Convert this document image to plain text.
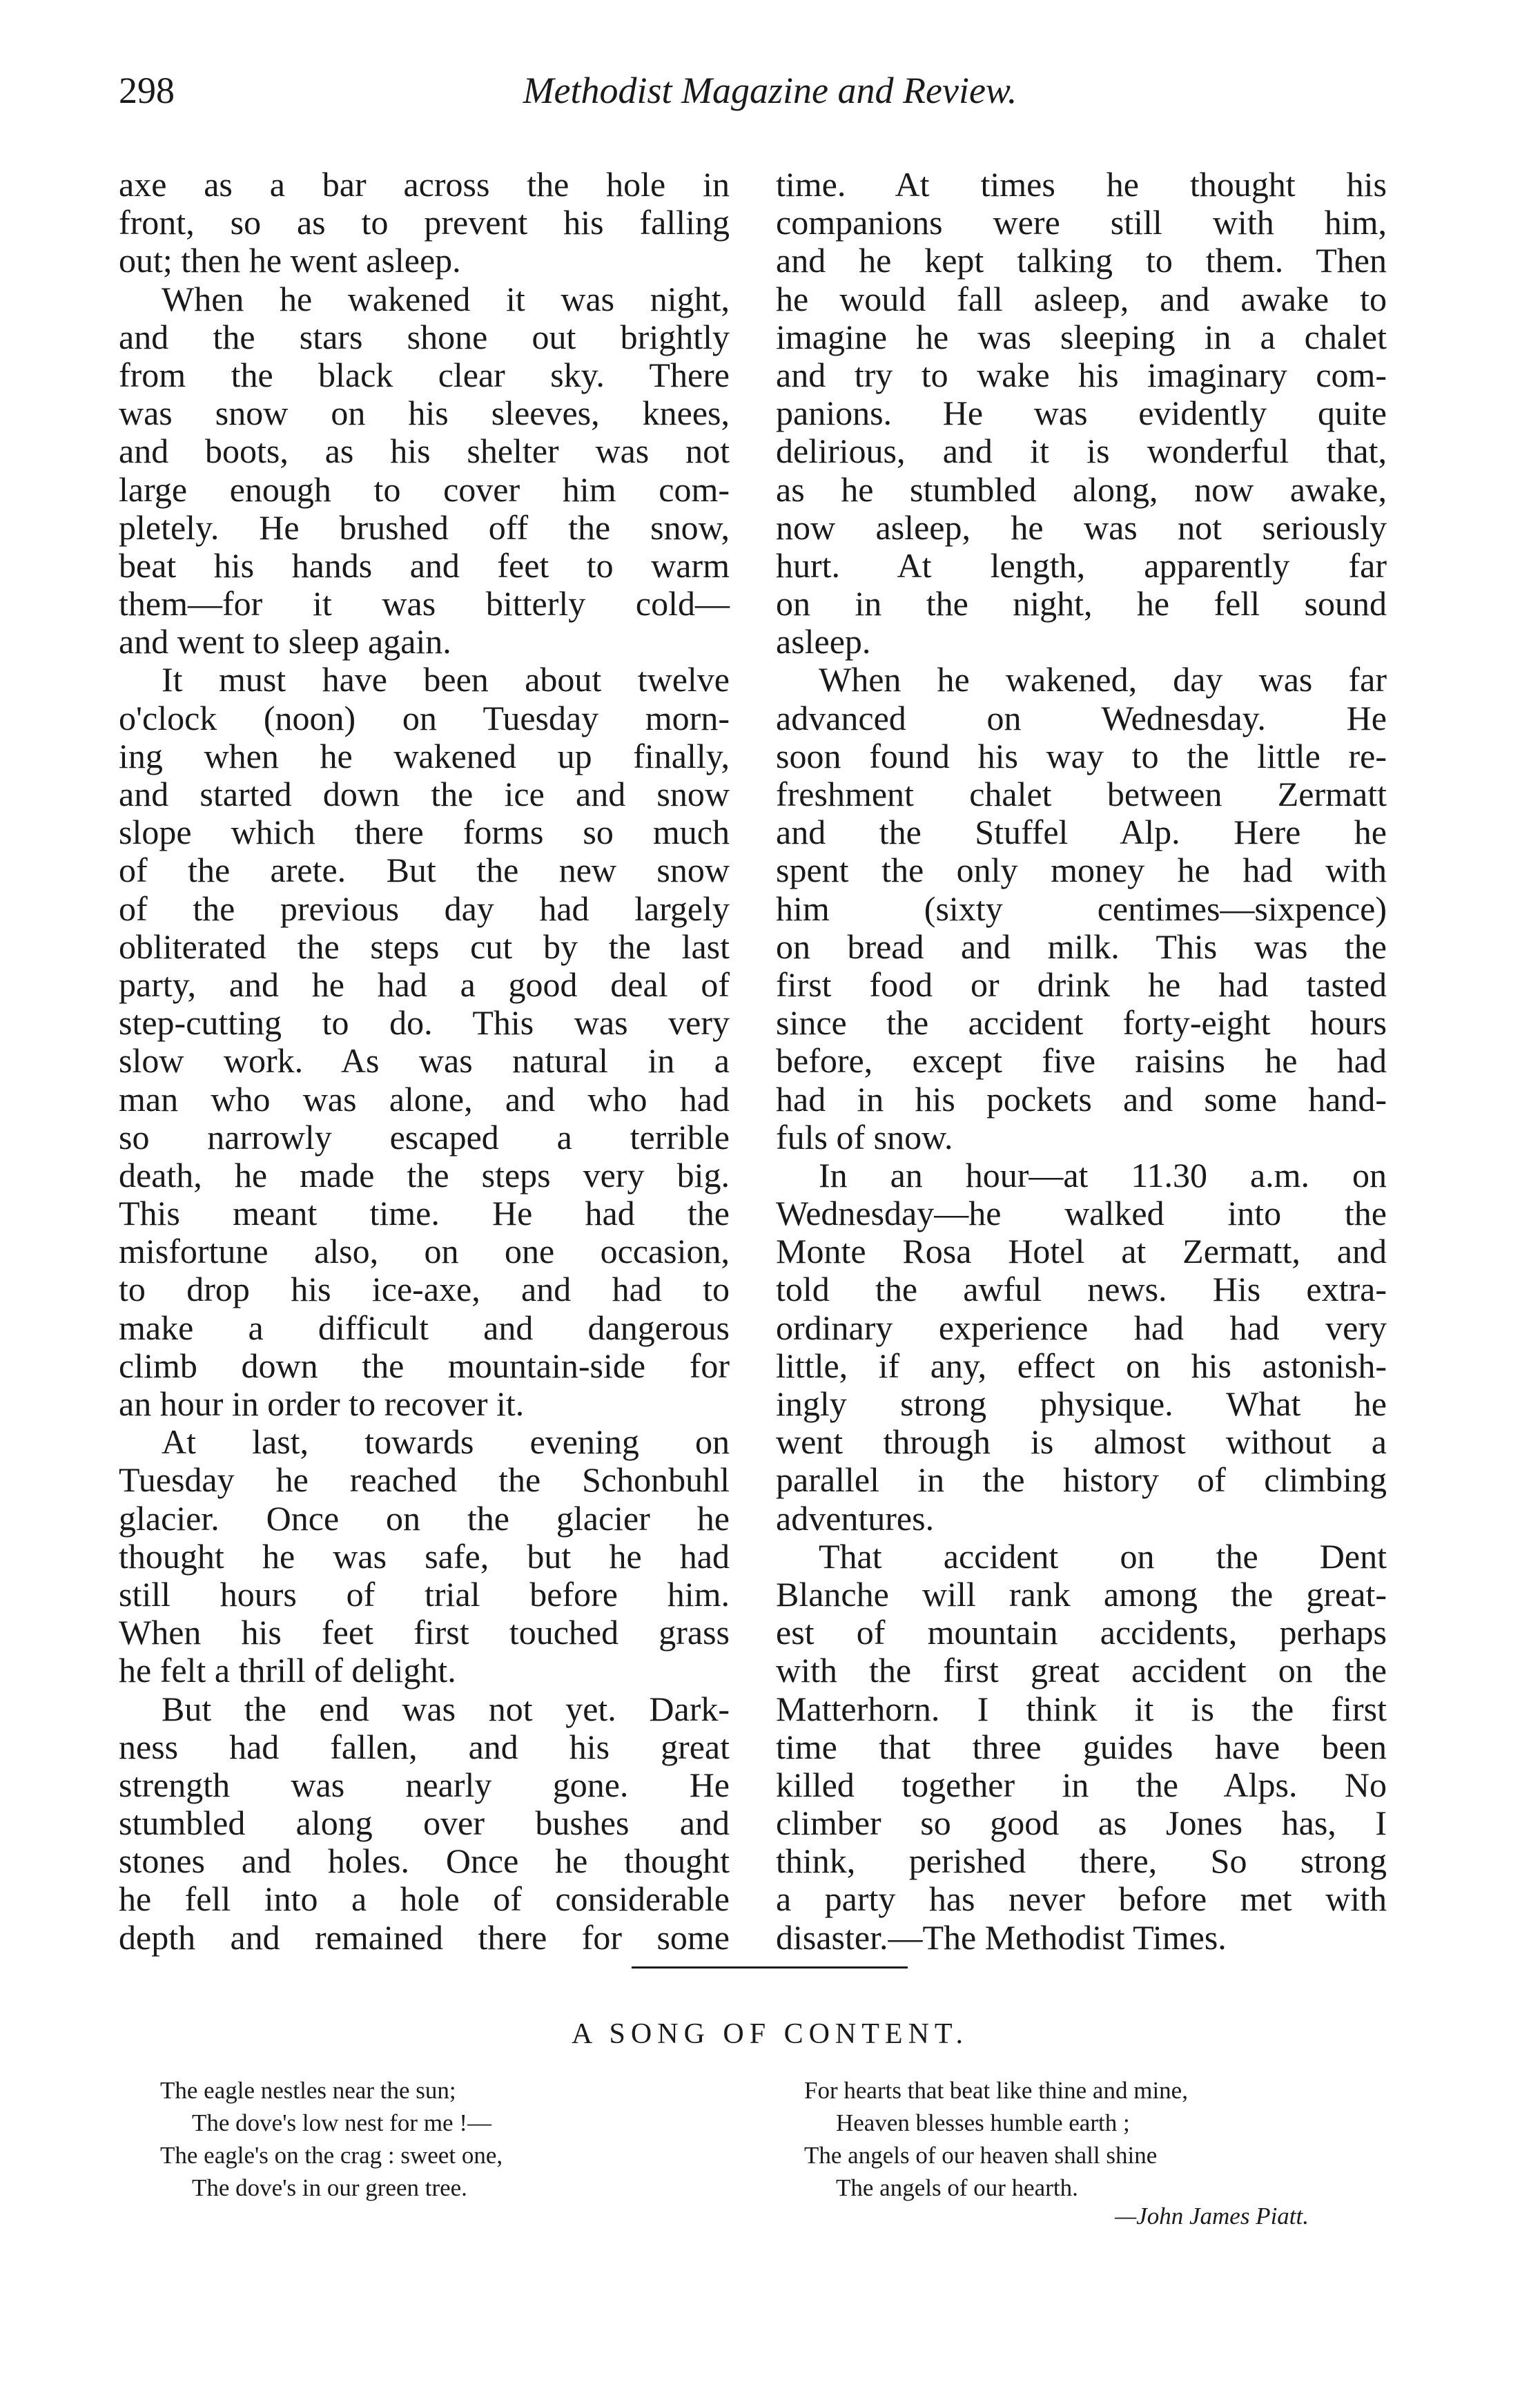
298	Methodist Magazine and Review.
axe as a bar across the hole in
front, so as to prevent his falling
out; then he went asleep.
When he wakened it was night,
and the stars shone out brightly
from the black clear sky. There
was snow on his sleeves, knees,
and boots, as his shelter was not
large enough to cover him com-
pletely. He brushed off the snow,
beat his hands and feet to warm
them—for it was bitterly cold—
and went to sleep again.
It must have been about twelve
o'clock (noon) on Tuesday morn-
ing when he wakened up finally,
and started down the ice and snow
slope which there forms so much
of the arete. But the new snow
of the previous day had largely
obliterated the steps cut by the last
party, and he had a good deal of
step-cutting to do. This was very
slow work. As was natural in a
man who was alone, and who had
so narrowly escaped a terrible
death, he made the steps very big.
This meant time. He had the
misfortune also, on one occasion,
to drop his ice-axe, and had to
make a difficult and dangerous
climb down the mountain-side for
an hour in order to recover it.
At last, towards evening on
Tuesday he reached the Schonbuhl
glacier. Once on the glacier he
thought he was safe, but he had
still hours of trial before him.
When his feet first touched grass
he felt a thrill of delight.
But the end was not yet. Dark-
ness had fallen, and his great
strength was nearly gone. He
stumbled along over bushes and
stones and holes. Once he thought
he fell into a hole of considerable
depth and remained there for some
time. At times he thought his
companions were still with him,
and he kept talking to them. Then
he would fall asleep, and awake to
imagine he was sleeping in a chalet
and try to wake his imaginary com-
panions. He was evidently quite
delirious, and it is wonderful that,
as he stumbled along, now awake,
now asleep, he was not seriously
hurt. At length, apparently far
on in the night, he fell sound
asleep.
When he wakened, day was far
advanced on Wednesday. He
soon found his way to the little re-
freshment chalet between Zermatt
and the Stuffel Alp. Here he
spent the only money he had with
him (sixty centimes—sixpence)
on bread and milk. This was the
first food or drink he had tasted
since the accident forty-eight hours
before, except five raisins he had
had in his pockets and some hand-
fuls of snow.
In an hour—at 11.30 a.m. on
Wednesday—he walked into the
Monte Rosa Hotel at Zermatt, and
told the awful news. His extra-
ordinary experience had had very
little, if any, effect on his astonish-
ingly strong physique. What he
went through is almost without a
parallel in the history of climbing
adventures.
That accident on the Dent
Blanche will rank among the great-
est of mountain accidents, perhaps
with the first great accident on the
Matterhorn. I think it is the first
time that three guides have been
killed together in the Alps. No
climber so good as Jones has, I
think, perished there, So strong
a party has never before met with
disaster.—The Methodist Times.
A SONG OF CONTENT.
The eagle nestles near the sun;
The dove's low nest for me !—
The eagle's on the crag : sweet one,
The dove's in our green tree.
For hearts that beat like thine and mine,
Heaven blesses humble earth ;
The angels of our heaven shall shine
The angels of our hearth.
—John James Piatt.
